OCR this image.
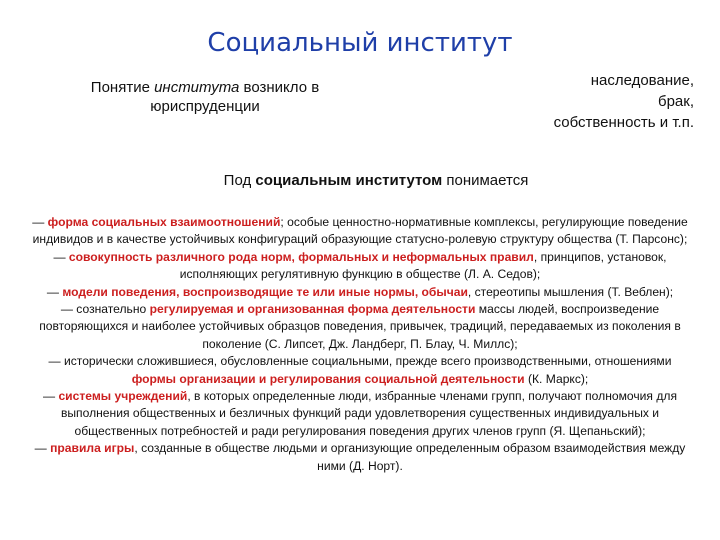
Социальный институт
Понятие института возникло в юриспруденции
наследование,
брак,
собственность и т.п.
Под социальным институтом понимается

— форма социальных взаимоотношений; особые ценностно-нормативные комплексы, регулирующие поведение индивидов и в качестве устойчивых конфигураций образующие статусно-ролевую структуру общества (Т. Парсонс);

— совокупность различного рода норм, формальных и неформальных правил, принципов, установок, исполняющих регулятивную функцию в обществе (Л. А. Седов);

— модели поведения, воспроизводящие те или иные нормы, обычаи, стереотипы мышления (Т. Веблен);

— сознательно регулируемая и организованная форма деятельности массы людей, воспроизведение повторяющихся и наиболее устойчивых образцов поведения, привычек, традиций, передаваемых из поколения в поколение (С. Липсет, Дж. Ландберг, П. Блау, Ч. Миллс);

— исторически сложившиеся, обусловленные социальными, прежде всего производственными, отношениями формы организации и регулирования социальной деятельности (К. Маркс);

— системы учреждений, в которых определенные люди, избранные членами групп, получают полномочия для выполнения общественных и безличных функций ради удовлетворения существенных индивидуальных и общественных потребностей и ради регулирования поведения других членов групп (Я. Щепаньский);

— правила игры, созданные в обществе людьми и организующие определенным образом взаимодействия между ними (Д. Норт).
